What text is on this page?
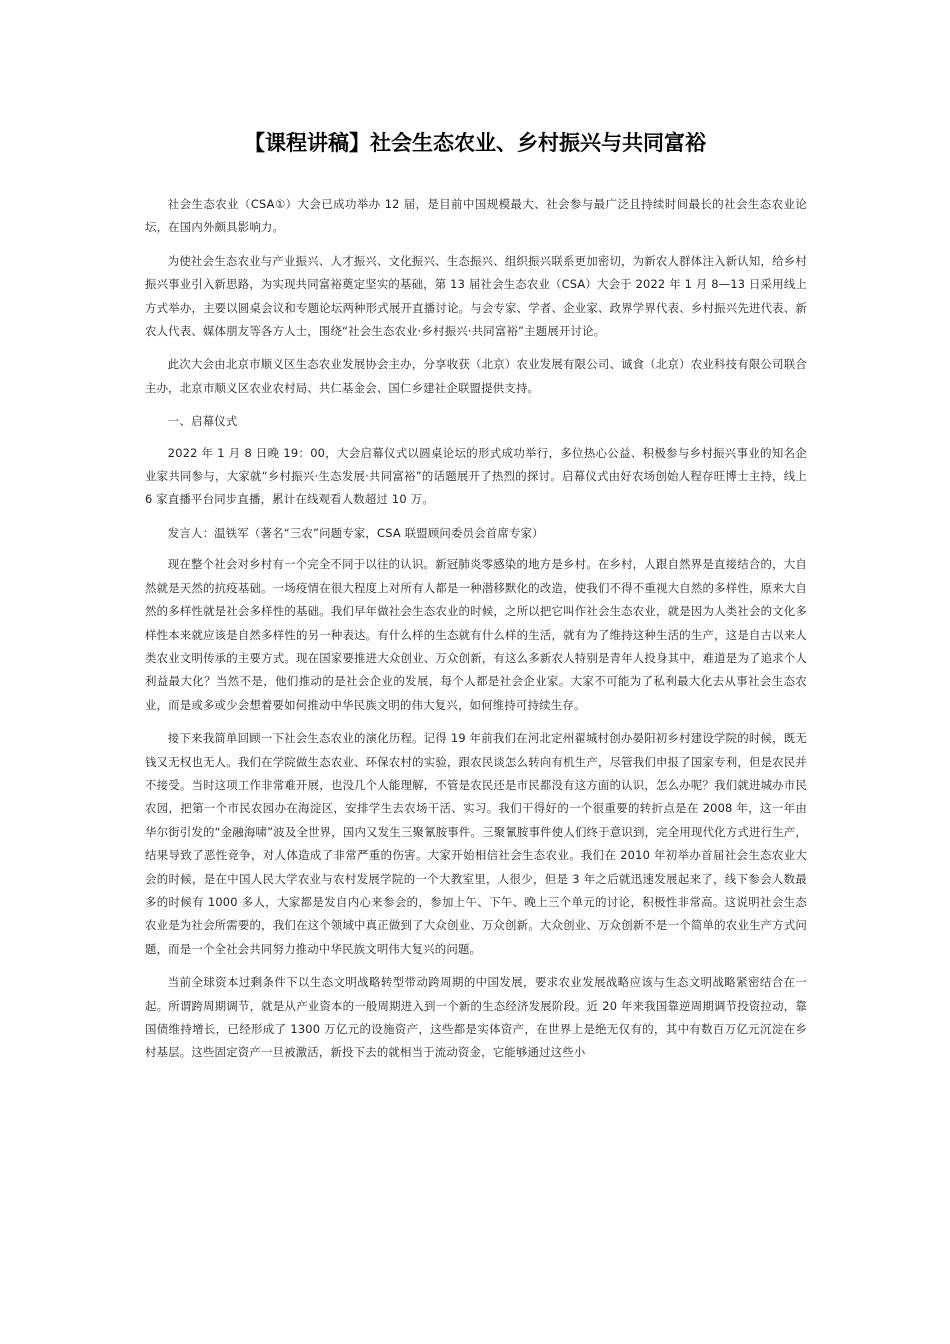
【课程讲稿】社会生态农业、乡村振兴与共同富裕

社会生态农业（CSA①）大会已成功举办 12 届，是目前中国规模最大、社会参与最广泛且持续时间最长的社会生态农业论坛，在国内外颇具影响力。

为使社会生态农业与产业振兴、人才振兴、文化振兴、生态振兴、组织振兴联系更加密切，为新农人群体注入新认知，给乡村振兴事业引入新思路，为实现共同富裕奠定坚实的基础，第 13 届社会生态农业（CSA）大会于 2022 年 1 月 8—13 日采用线上方式举办，主要以圆桌会议和专题论坛两种形式展开直播讨论。与会专家、学者、企业家、政界学界代表、乡村振兴先进代表、新农人代表、媒体朋友等各方人士，围绕“社会生态农业·乡村振兴·共同富裕”主题展开讨论。

此次大会由北京市顺义区生态农业发展协会主办，分享收获（北京）农业发展有限公司、诚食（北京）农业科技有限公司联合主办，北京市顺义区农业农村局、共仁基金会、国仁乡建社企联盟提供支持。

一、启幕仪式

2022 年 1 月 8 日晚 19：00，大会启幕仪式以圆桌论坛的形式成功举行，多位热心公益、积极参与乡村振兴事业的知名企业家共同参与，大家就“乡村振兴·生态发展·共同富裕”的话题展开了热烈的探讨。启幕仪式由好农场创始人程存旺博士主持，线上 6 家直播平台同步直播，累计在线观看人数超过 10 万。

发言人：温铁军（著名“三农”问题专家，CSA 联盟顾问委员会首席专家）

现在整个社会对乡村有一个完全不同于以往的认识。新冠肺炎零感染的地方是乡村。在乡村，人跟自然界是直接结合的，大自然就是天然的抗疫基础。一场疫情在很大程度上对所有人都是一种潜移默化的改造，使我们不得不重视大自然的多样性，原来大自然的多样性就是社会多样性的基础。我们早年做社会生态农业的时候，之所以把它叫作社会生态农业，就是因为人类社会的文化多样性本来就应该是自然多样性的另一种表达。有什么样的生态就有什么样的生活，就有为了维持这种生活的生产，这是自古以来人类农业文明传承的主要方式。现在国家要推进大众创业、万众创新，有这么多新农人特别是青年人投身其中，难道是为了追求个人利益最大化？当然不是，他们推动的是社会企业的发展，每个人都是社会企业家。大家不可能为了私利最大化去从事社会生态农业，而是或多或少会想着要如何推动中华民族文明的伟大复兴，如何维持可持续生存。

接下来我简单回顾一下社会生态农业的演化历程。记得 19 年前我们在河北定州翟城村创办晏阳初乡村建设学院的时候，既无钱又无权也无人。我们在学院做生态农业、环保农村的实验，跟农民谈怎么转向有机生产，尽管我们申报了国家专利，但是农民并不接受。当时这项工作非常难开展，也没几个人能理解，不管是农民还是市民都没有这方面的认识，怎么办呢？我们就进城办市民农园，把第一个市民农园办在海淀区，安排学生去农场干活、实习。我们干得好的一个很重要的转折点是在 2008 年，这一年由华尔街引发的“金融海啸”波及全世界，国内又发生三聚氰胺事件。三聚氰胺事件使人们终于意识到，完全用现代化方式进行生产，结果导致了恶性竞争，对人体造成了非常严重的伤害。大家开始相信社会生态农业。我们在 2010 年初举办首届社会生态农业大会的时候，是在中国人民大学农业与农村发展学院的一个大教室里，人很少，但是 3 年之后就迅速发展起来了，线下参会人数最多的时候有 1000 多人，大家都是发自内心来参会的，参加上午、下午、晚上三个单元的讨论，积极性非常高。这说明社会生态农业是为社会所需要的，我们在这个领域中真正做到了大众创业、万众创新。大众创业、万众创新不是一个简单的农业生产方式问题，而是一个全社会共同努力推动中华民族文明伟大复兴的问题。

当前全球资本过剩条件下以生态文明战略转型带动跨周期的中国发展，要求农业发展战略应该与生态文明战略紧密结合在一起。所谓跨周期调节，就是从产业资本的一般周期进入到一个新的生态经济发展阶段。近 20 年来我国靠逆周期调节投资拉动，靠国债维持增长，已经形成了 1300 万亿元的设施资产，这些都是实体资产，在世界上是绝无仅有的，其中有数百万亿元沉淀在乡村基层。这些固定资产一旦被激活，新投下去的就相当于流动资金，它能够通过这些小
